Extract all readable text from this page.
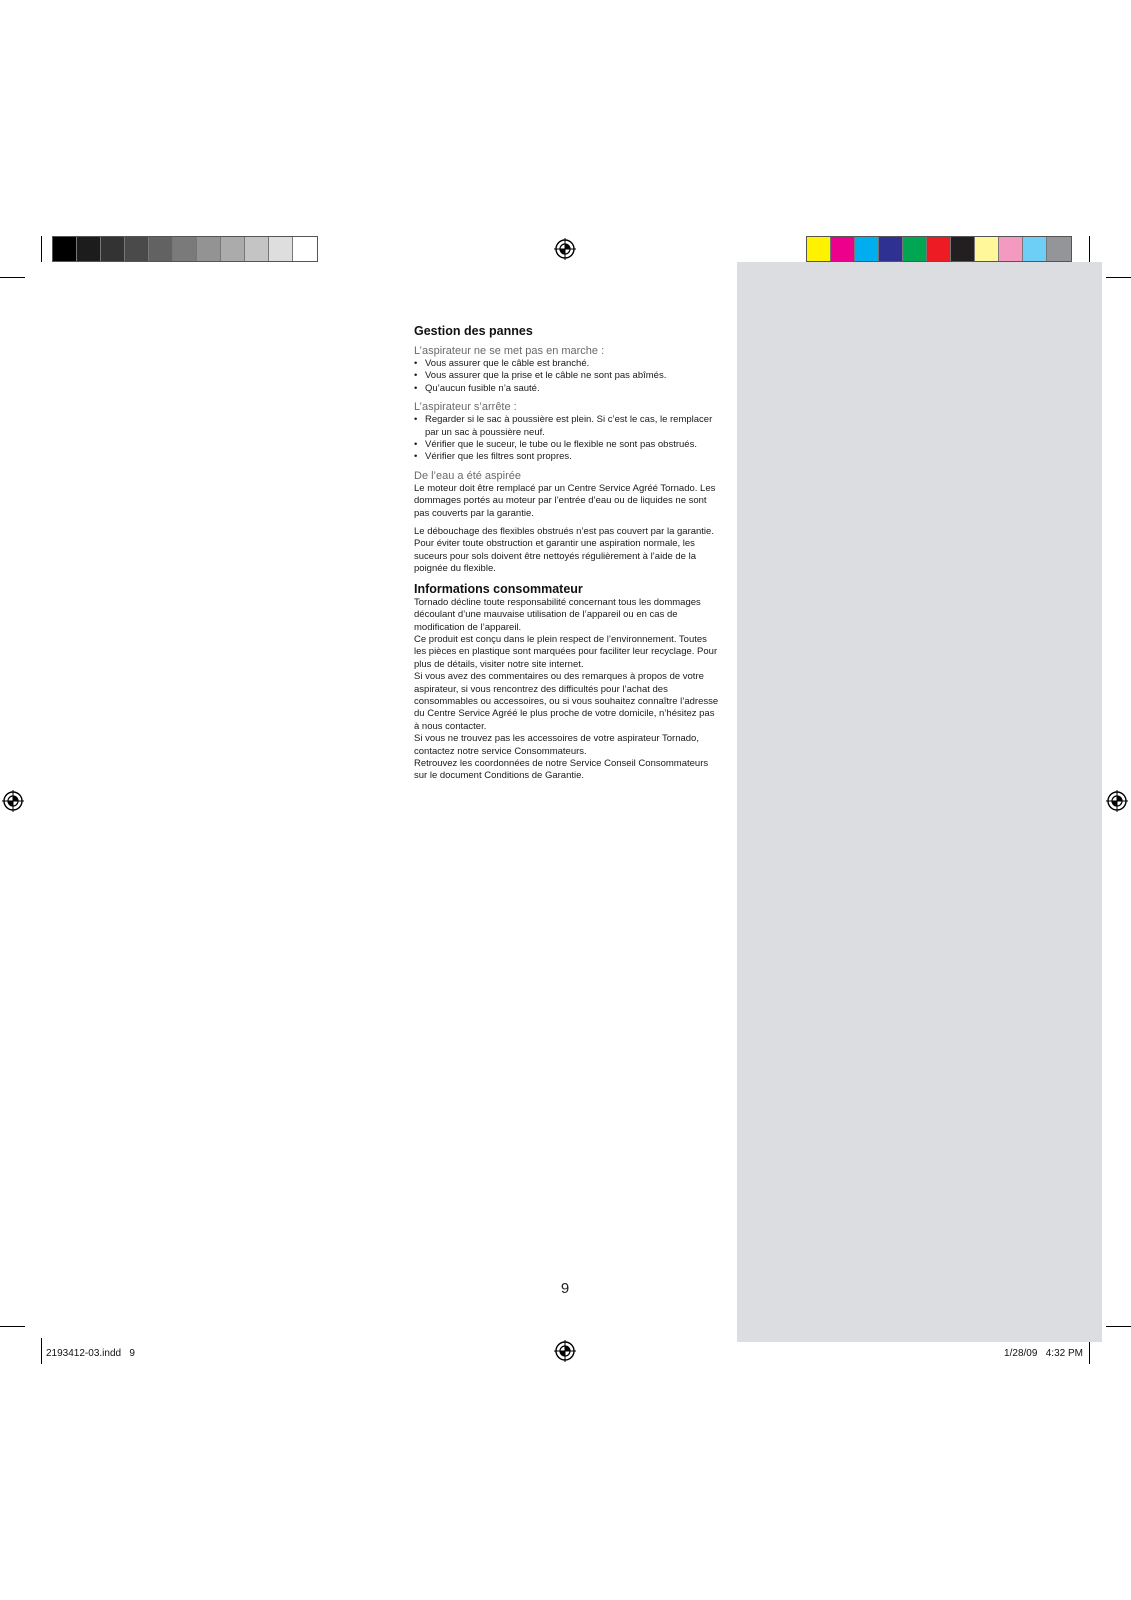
Gestion des pannes

L’aspirateur ne se met pas en marche :

• Vous assurer que le câble est branché.
• Vous assurer que la prise et le câble ne sont pas abîmés.
• Qu’aucun fusible n’a sauté.

L’aspirateur s’arrête :

• Regarder si le sac à poussière est plein. Si c’est le cas, le remplacer par un sac à poussière neuf.
• Vérifier que le suceur, le tube ou le flexible ne sont pas obstrués.
• Vérifier que les filtres sont propres.

De l’eau a été aspirée

Le moteur doit être remplacé par un Centre Service Agréé Tornado. Les dommages portés au moteur par l’entrée d’eau ou de liquides ne sont pas couverts par la garantie.

Le débouchage des flexibles obstrués n’est pas couvert par la garantie. Pour éviter toute obstruction et garantir une aspiration normale, les suceurs pour sols doivent être nettoyés régulièrement à l’aide de la poignée du flexible.

Informations consommateur

Tornado décline toute responsabilité concernant tous les dommages découlant d’une mauvaise utilisation de l’appareil ou en cas de modification de l’appareil.

Ce produit est conçu dans le plein respect de l’environnement. Toutes les pièces en plastique sont marquées pour faciliter leur recyclage. Pour plus de détails, visiter notre site internet.

Si vous avez des commentaires ou des remarques à propos de votre aspirateur, si vous rencontrez des difficultés pour l’achat des consommables ou accessoires, ou si vous souhaitez connaître l’adresse du Centre Service Agréé le plus proche de votre domicile, n’hésitez pas à nous contacter.

Si vous ne trouvez pas les accessoires de votre aspirateur Tornado, contactez notre service Consommateurs.

Retrouvez les coordonnées de notre Service Conseil Consommateurs sur le document Conditions de Garantie.

9
2193412-03.indd   9	1/28/09   4:32 PM
